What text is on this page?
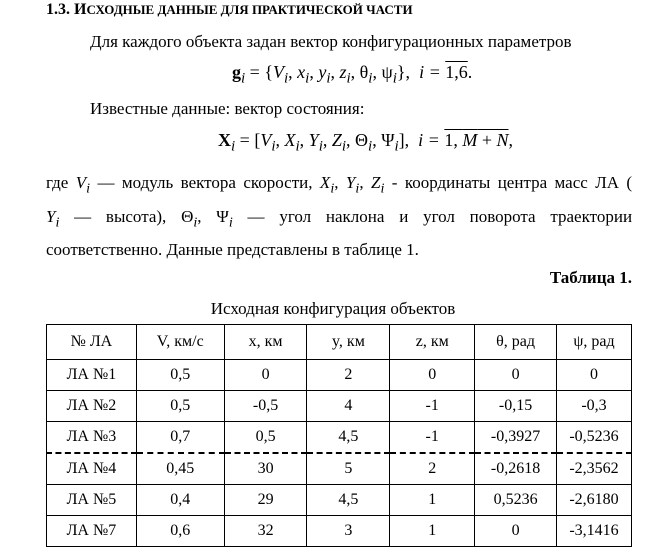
1.3. ИСХОДНЫЕ ДАННЫЕ ДЛЯ ПРАКТИЧЕСКОЙ ЧАСТИ
Для каждого объекта задан вектор конфигурационных параметров
$g_i = \{V_i$, $x_i$, $y_i$, $z_i$, $\theta_i$, $\psi_i$}, i = 1,6.
Известные данные: вектор состояния:
$X_i = [V_i$, $X_i$, $Y_i$, $Z_i$, $\Theta_i$, $\Psi_i$], i = 1, M + N,
где $V_i$ — модуль вектора скорости, $X_i$, $Y_i$, $Z_i$ - координаты центра масс ЛА (
$Y_i$ — высота), $\Theta_i$, $\Psi_i$ — угол наклона и угол поворота траектории
соответственно. Данные представлены в таблице 1.
Таблица 1.
Исходная конфигурация объектов
№ ЛА	V, км/с	x, км	y, км	z, км	θ, рад	ψ, рад
ЛА №1	0,5	0	2	0	0	0
ЛА №2	0,5	-0,5	4	-1	-0,15	-0,3
ЛА №3	0,7	0,5	4,5	-1	-0,3927	-0,5236
ЛА №4	0,45	30	5	2	-0,2618	-2,3562
ЛА №5	0,4	29	4,5	1	0,5236	-2,6180
ЛА №7	0,6	32	3	1	0	-3,1416
